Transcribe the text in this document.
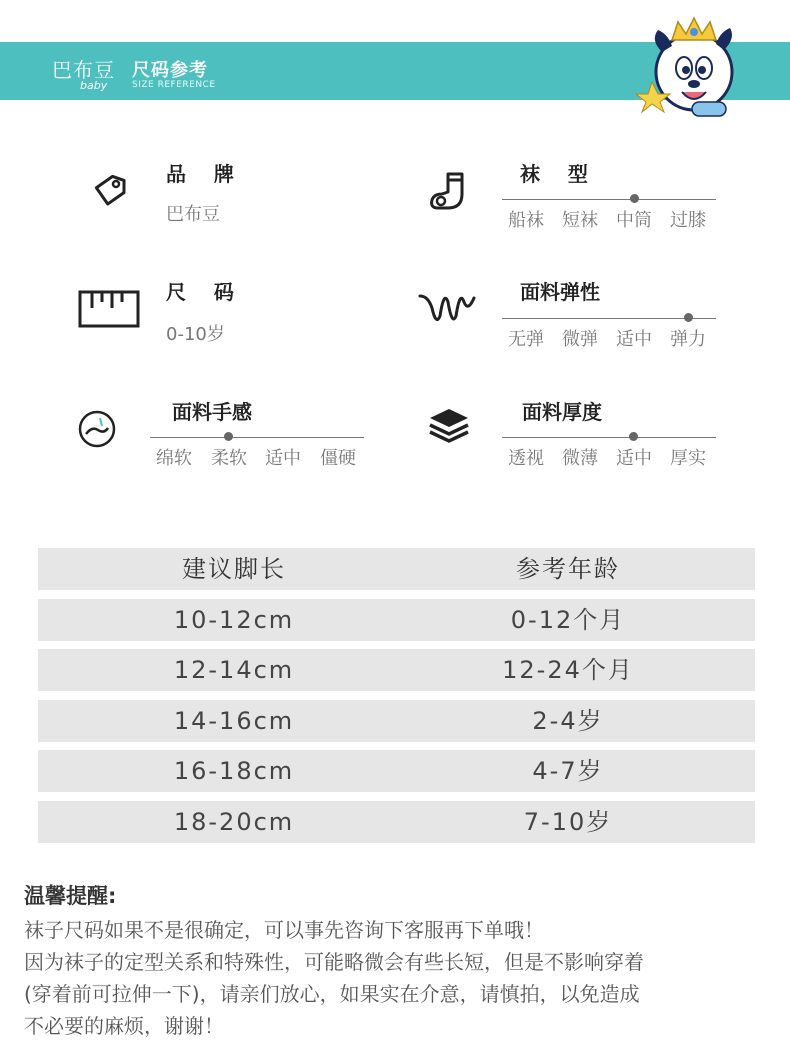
巴布豆
baby
尺码参考
SIZE REFERENCE
品    牌
巴布豆
尺    码
0-10岁
面料手感
绵软	柔软	适中	僵硬
袜    型
船袜	短袜	中筒	过膝
面料弹性
无弹	微弹	适中	弹力
面料厚度
透视	微薄	适中	厚实
建议脚长	参考年龄
10-12cm	0-12个月
12-14cm	12-24个月
14-16cm	2-4岁
16-18cm	4-7岁
18-20cm	7-10岁
温馨提醒:
袜子尺码如果不是很确定，可以事先咨询下客服再下单哦！
因为袜子的定型关系和特殊性，可能略微会有些长短，但是不影响穿着
(穿着前可拉伸一下)，请亲们放心，如果实在介意，请慎拍，以免造成
不必要的麻烦，谢谢！
